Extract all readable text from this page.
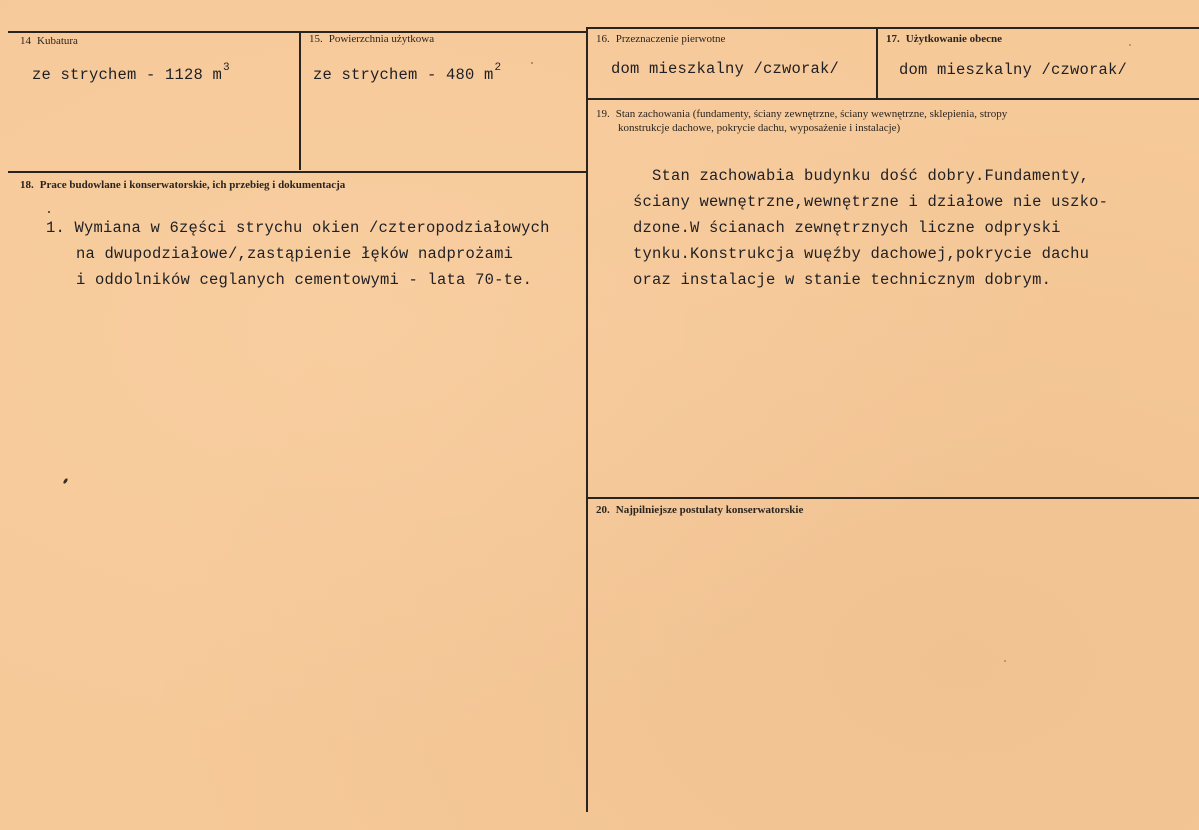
14 Kubatura
ze strychem - 1128 $m^3$
15. Powierzchnia użytkowa
ze strychem - 480 $m^2$
16. Przeznaczenie pierwotne
dom mieszkalny /czworak/
17. Użytkowanie obecne
dom mieszkalny /czworak/
19. Stan zachowania (fundamenty, ściany zewnętrzne, ściany wewnętrzne, sklepienia, stropy
konstrukcje dachowe, pokrycie dachu, wyposażenie i instalacje)
Stan zachowabia budynku dość dobry.Fundamenty,
ściany wewnętrzne,wewnętrzne i działowe nie uszko-
dzone.W ścianach zewnętrznych liczne odpryski
tynku.Konstrukcja wuęźby dachowej,pokrycie dachu
oraz instalacje w stanie technicznym dobrym.
18. Prace budowlane i konserwatorskie, ich przebieg i dokumentacja
1. Wymiana w 6zęści strychu okien /czteropodziałowych
na dwupodziałowe/,zastąpienie łęków nadprożami
i oddolników ceglanych cementowymi - lata 70-te.
20. Najpilniejsze postulaty konserwatorskie
